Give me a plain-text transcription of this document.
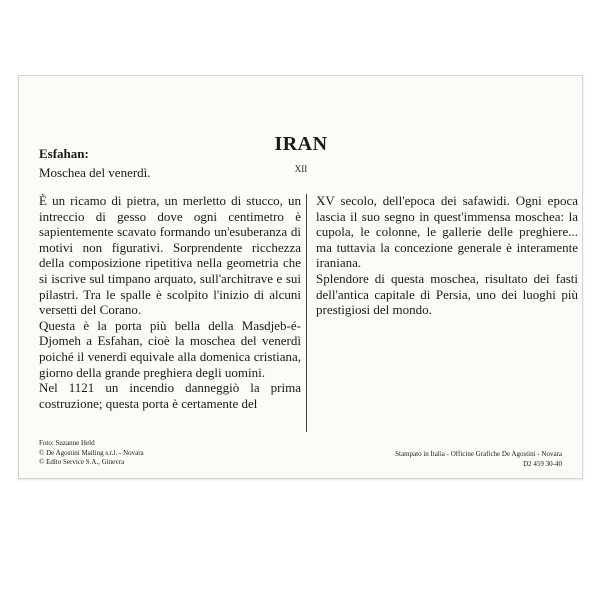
Esfahan:
Moschea del venerdì.
IRAN
XII

È un ricamo di pietra, un merletto di stucco, un intreccio di gesso dove ogni centimetro è sapientemente scavato formando un'esuberanza di motivi non figurativi. Sorprendente ricchezza della composizione ripetitiva nella geometria che si iscrive sul timpano arquato, sull'architrave e sui pilastri. Tra le spalle è scolpito l'inizio di alcuni versetti del Corano.

Questa è la porta più bella della Masdjeb-é-Djomeh a Esfahan, cioè la moschea del venerdì poiché il venerdì equivale alla domenica cristiana, giorno della grande preghiera degli uomini.

Nel 1121 un incendio danneggiò la prima costruzione; questa porta è certamente del

XV secolo, dell'epoca dei safawidi. Ogni epoca lascia il suo segno in quest'immensa moschea: la cupola, le colonne, le gallerie delle preghiere... ma tuttavia la concezione generale è interamente iraniana.

Splendore di questa moschea, risultato dei fasti dell'antica capitale di Persia, uno dei luoghi più prestigiosi del mondo.

Foto: Suzanne Held
© De Agostini Mailing s.r.l. - Novara
© Edito Service S.A., Ginevra
Stampato in Italia - Officine Grafiche De Agostini - Novara
D2 459 30-40
